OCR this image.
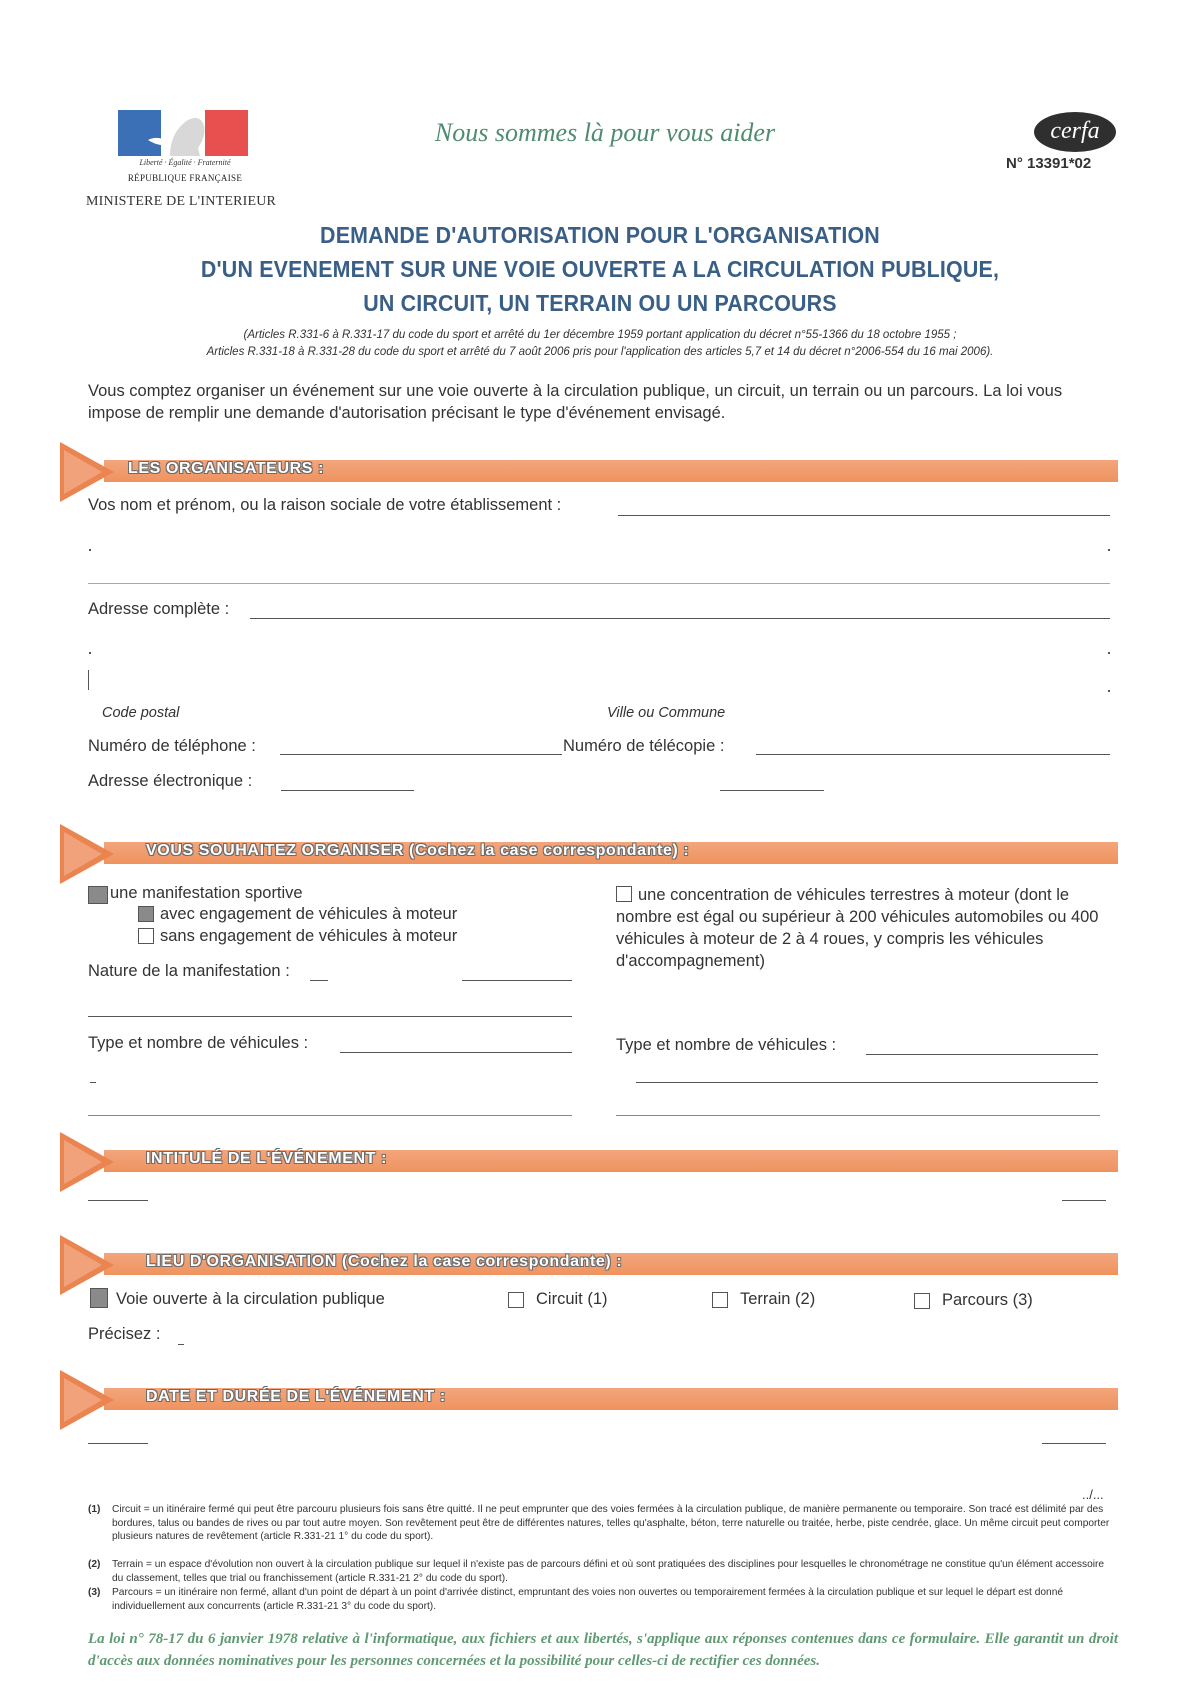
Liberté · Égalité · Fraternité
RÉPUBLIQUE FRANÇAISE
MINISTERE DE L'INTERIEUR
Nous sommes là pour vous aider	cerfa
N° 13391*02
DEMANDE D'AUTORISATION POUR L'ORGANISATION
D'UN EVENEMENT SUR UNE VOIE OUVERTE A LA CIRCULATION PUBLIQUE,
UN CIRCUIT, UN TERRAIN OU UN PARCOURS
(Articles R.331-6 à R.331-17 du code du sport et arrêté du 1er décembre 1959 portant application du décret n°55-1366 du 18 octobre 1955 ;
Articles R.331-18 à R.331-28 du code du sport et arrêté du 7 août 2006 pris pour l'application des articles 5,7 et 14 du décret n°2006-554 du 16 mai 2006).
Vous comptez organiser un événement sur une voie ouverte à la circulation publique, un circuit, un terrain ou un parcours. La loi vous impose de remplir une demande d'autorisation précisant le type d'événement envisagé.
LES ORGANISATEURS :
Vos nom et prénom, ou la raison sociale de votre établissement :
Adresse complète :
Code postal	Ville ou Commune
Numéro de téléphone :	Numéro de télécopie :
Adresse électronique :
VOUS SOUHAITEZ ORGANISER (Cochez la case correspondante) :
une manifestation sportive
avec engagement de véhicules à moteur
sans engagement de véhicules à moteur
Nature de la manifestation :
Type et nombre de véhicules :
une concentration de véhicules terrestres à moteur (dont le nombre est égal ou supérieur à 200 véhicules automobiles ou 400 véhicules à moteur de 2 à 4 roues, y compris les véhicules d'accompagnement)
Type et nombre de véhicules :
INTITULÉ DE L'ÉVÉNEMENT :
LIEU D'ORGANISATION (Cochez la case correspondante) :
Voie ouverte à la circulation publique	Circuit (1)	Terrain (2)	Parcours (3)
Précisez :
DATE ET DURÉE DE L'ÉVÉNEMENT :
../...
(1) Circuit = un itinéraire fermé qui peut être parcouru plusieurs fois sans être quitté. Il ne peut emprunter que des voies fermées à la circulation publique, de manière permanente ou temporaire. Son tracé est délimité par des bordures, talus ou bandes de rives ou par tout autre moyen. Son revêtement peut être de différentes natures, telles qu'asphalte, béton, terre naturelle ou traitée, herbe, piste cendrée, glace. Un même circuit peut comporter plusieurs natures de revêtement (article R.331-21 1° du code du sport).
(2) Terrain = un espace d'évolution non ouvert à la circulation publique sur lequel il n'existe pas de parcours défini et où sont pratiquées des disciplines pour lesquelles le chronométrage ne constitue qu'un élément accessoire du classement, telles que trial ou franchissement (article R.331-21 2° du code du sport).
(3) Parcours = un itinéraire non fermé, allant d'un point de départ à un point d'arrivée distinct, empruntant des voies non ouvertes ou temporairement fermées à la circulation publique et sur lequel le départ est donné individuellement aux concurrents (article R.331-21 3° du code du sport).
La loi n° 78-17 du 6 janvier 1978 relative à l'informatique, aux fichiers et aux libertés, s'applique aux réponses contenues dans ce formulaire. Elle garantit un droit d'accès aux données nominatives pour les personnes concernées et la possibilité pour celles-ci de rectifier ces données.
